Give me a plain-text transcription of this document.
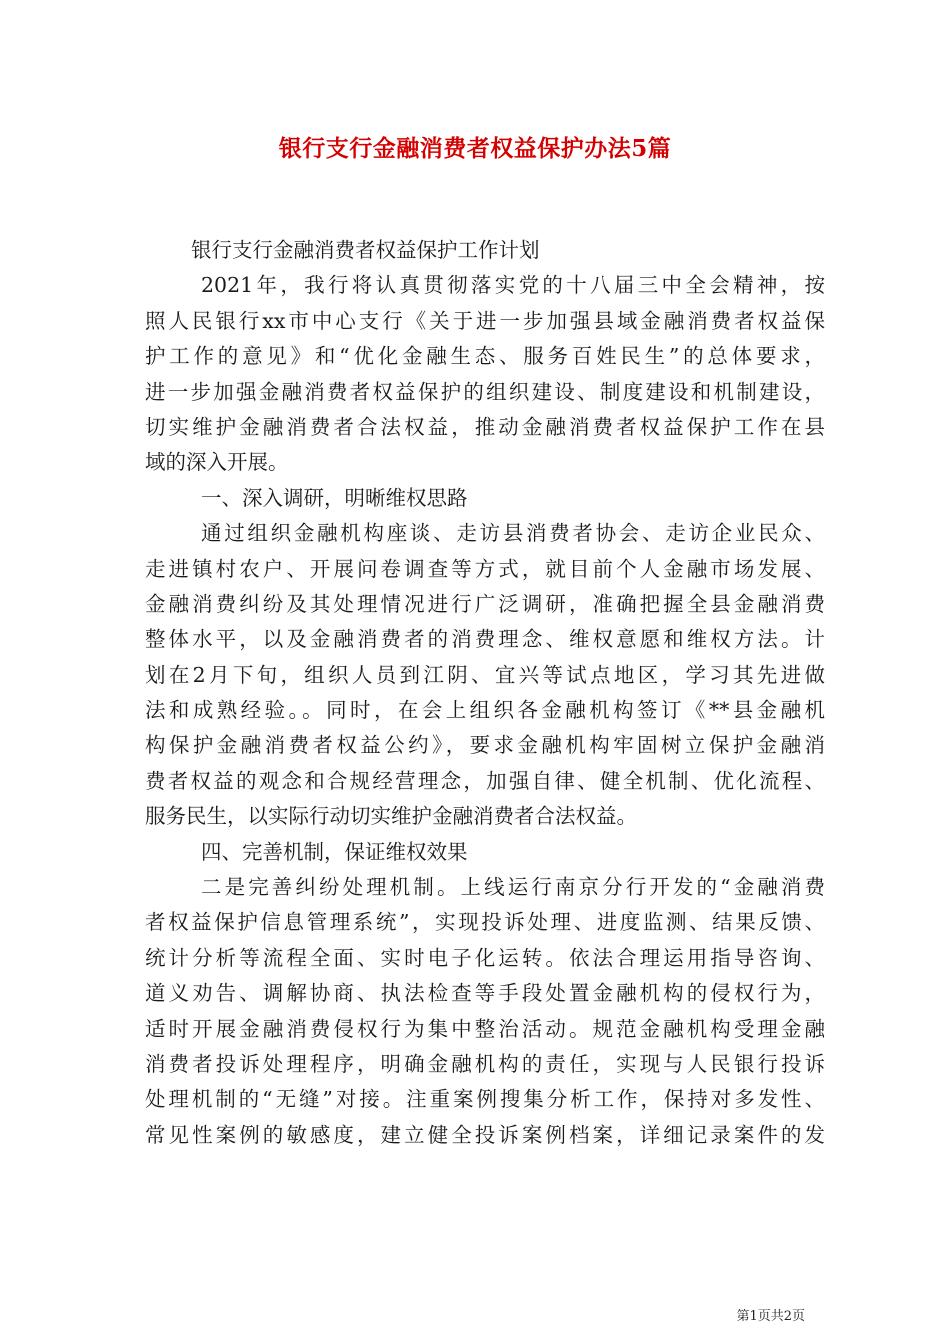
银行支行金融消费者权益保护办法5篇
银行支行金融消费者权益保护工作计划
2021年，我行将认真贯彻落实党的十八届三中全会精神，按
照人民银行xx市中心支行《关于进一步加强县域金融消费者权益保
护工作的意见》和“优化金融生态、服务百姓民生”的总体要求，
进一步加强金融消费者权益保护的组织建设、制度建设和机制建设，
切实维护金融消费者合法权益，推动金融消费者权益保护工作在县
域的深入开展。
一、深入调研，明晰维权思路
通过组织金融机构座谈、走访县消费者协会、走访企业民众、
走进镇村农户、开展问卷调查等方式，就目前个人金融市场发展、
金融消费纠纷及其处理情况进行广泛调研，准确把握全县金融消费
整体水平，以及金融消费者的消费理念、维权意愿和维权方法。计
划在2月下旬，组织人员到江阴、宜兴等试点地区，学习其先进做
法和成熟经验。。同时，在会上组织各金融机构签订《**县金融机
构保护金融消费者权益公约》，要求金融机构牢固树立保护金融消
费者权益的观念和合规经营理念，加强自律、健全机制、优化流程、
服务民生，以实际行动切实维护金融消费者合法权益。
四、完善机制，保证维权效果
二是完善纠纷处理机制。上线运行南京分行开发的“金融消费
者权益保护信息管理系统”，实现投诉处理、进度监测、结果反馈、
统计分析等流程全面、实时电子化运转。依法合理运用指导咨询、
道义劝告、调解协商、执法检查等手段处置金融机构的侵权行为，
适时开展金融消费侵权行为集中整治活动。规范金融机构受理金融
消费者投诉处理程序，明确金融机构的责任，实现与人民银行投诉
处理机制的“无缝”对接。注重案例搜集分析工作，保持对多发性、
常见性案例的敏感度，建立健全投诉案例档案，详细记录案件的发
第1页共2页
